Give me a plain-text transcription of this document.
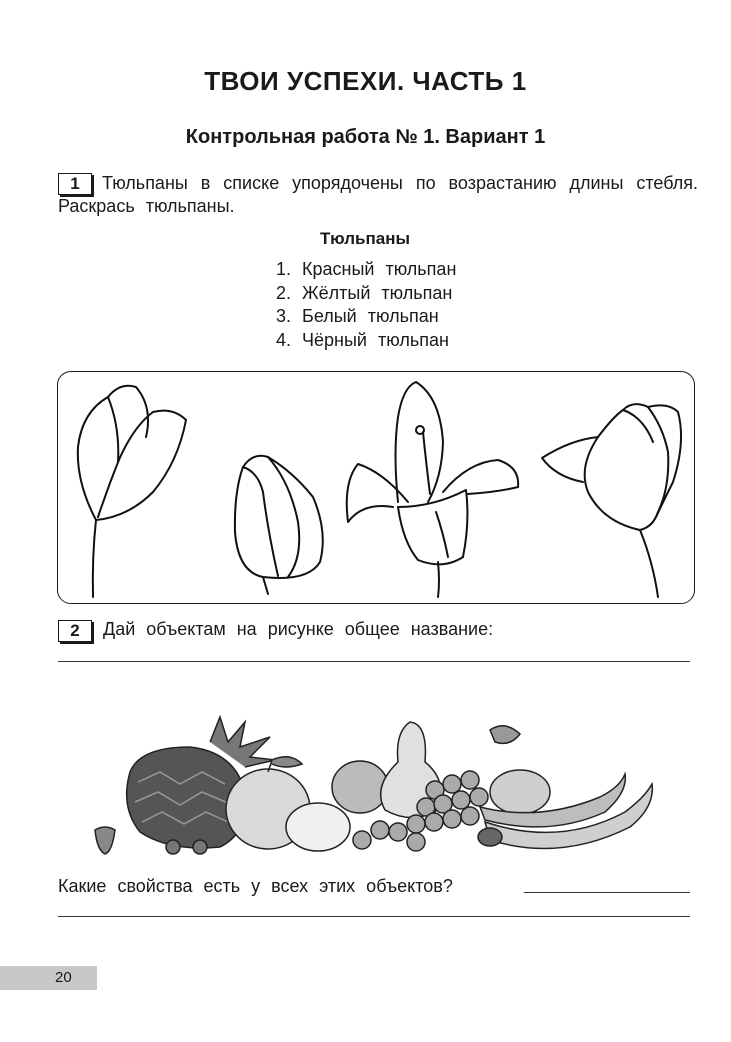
ТВОИ УСПЕХИ. ЧАСТЬ 1
Контрольная работа № 1. Вариант 1
1	Тюльпаны в списке упорядочены по возрастанию длины стебля. Раскрась тюльпаны.
Тюльпаны
1. Красный тюльпан
2. Жёлтый тюльпан
3. Белый тюльпан
4. Чёрный тюльпан
2	Дай объектам на рисунке общее название:
Какие свойства есть у всех этих объектов?
20
